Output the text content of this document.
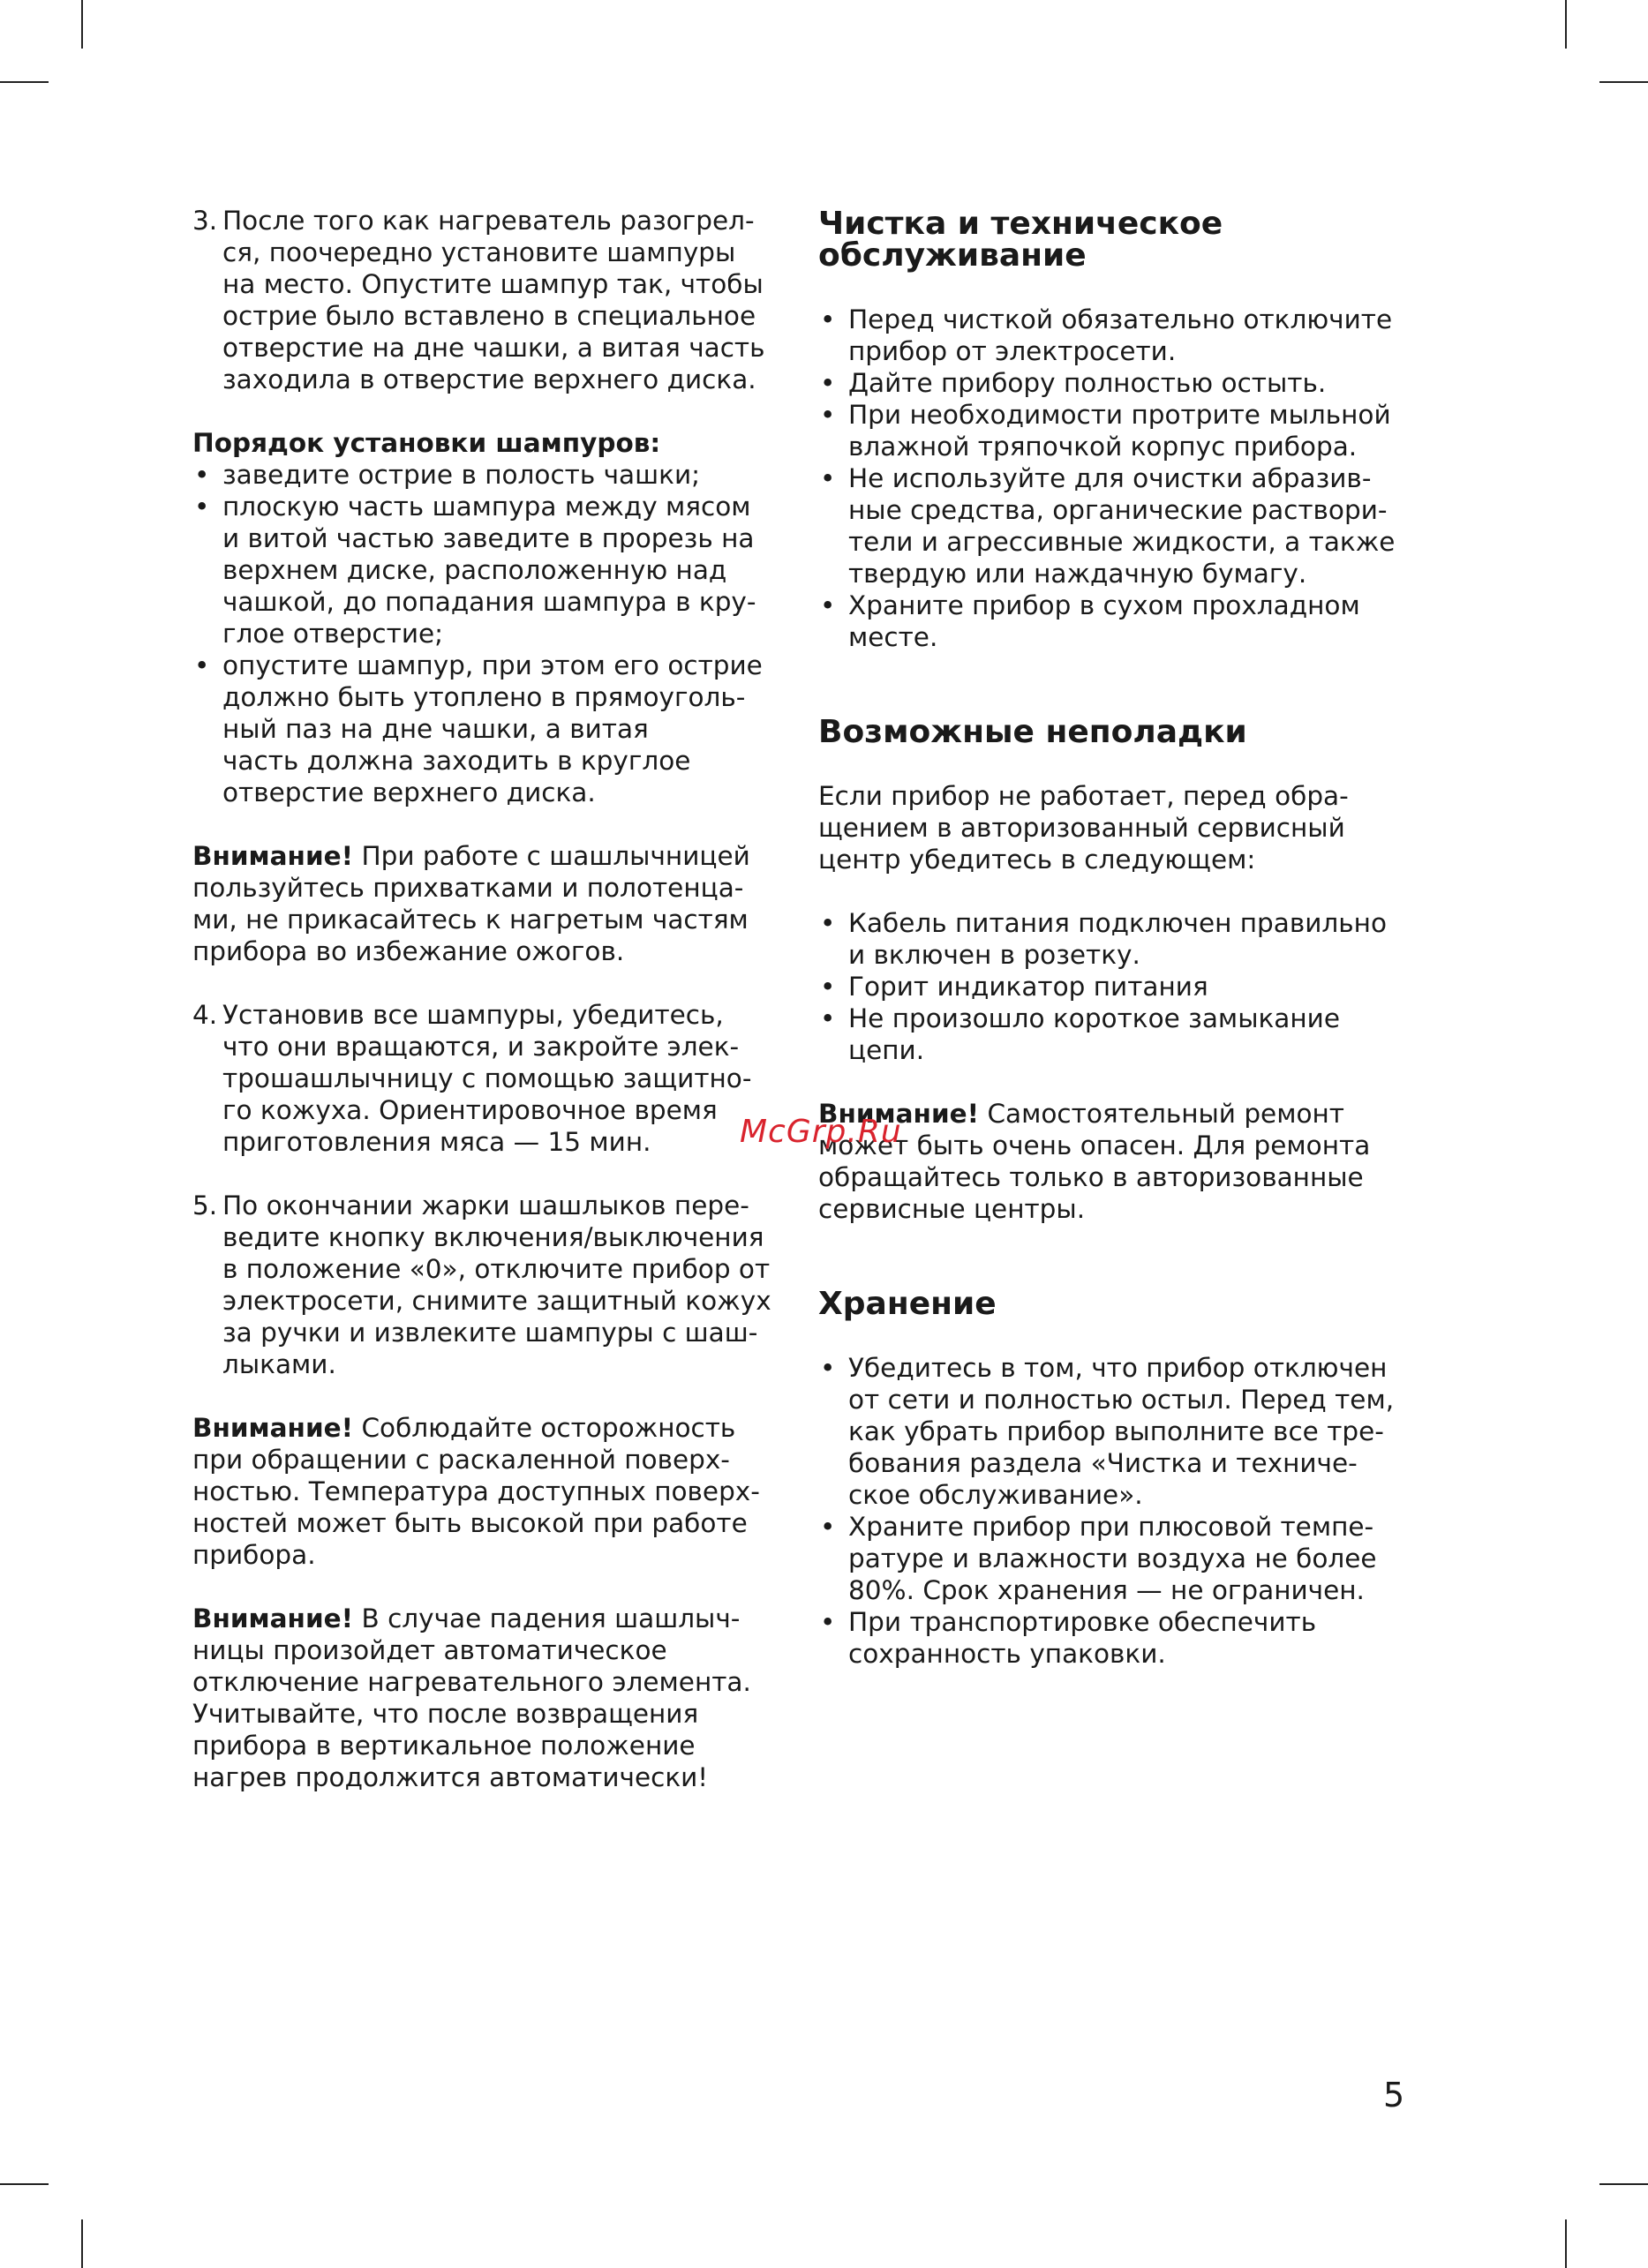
3. После того как нагреватель разогрел-
ся, поочередно установите шампуры
на место. Опустите шампур так, чтобы
острие было вставлено в специальное
отверстие на дне чашки, а витая часть
заходила в отверстие верхнего диска.

Порядок установки шампуров:

• заведите острие в полость чашки;
• плоскую часть шампура между мясом
и витой частью заведите в прорезь на
верхнем диске, расположенную над
чашкой, до попадания шампура в кру-
глое отверстие;
• опустите шампур, при этом его острие
должно быть утоплено в прямоуголь-
ный паз на дне чашки, а витая
часть должна заходить в круглое
отверстие верхнего диска.

Внимание! При работе с шашлычницей
пользуйтесь прихватками и полотенца-
ми, не прикасайтесь к нагретым частям
прибора во избежание ожогов.

4. Установив все шампуры, убедитесь,
что они вращаются, и закройте элек-
трошашлычницу с помощью защитно-
го кожуха. Ориентировочное время
приготовления мяса — 15 мин.

5. По окончании жарки шашлыков пере-
ведите кнопку включения/выключения
в положение «0», отключите прибор от
электросети, снимите защитный кожух
за ручки и извлеките шампуры с шаш-
лыками.

Внимание! Соблюдайте осторожность
при обращении с раскаленной поверх-
ностью. Температура доступных поверх-
ностей может быть высокой при работе
прибора.

Внимание! В случае падения шашлыч-
ницы произойдет автоматическое
отключение нагревательного элемента.
Учитывайте, что после возвращения
прибора в вертикальное положение
нагрев продолжится автоматически!

Чистка и техническое
обслуживание
• Перед чисткой обязательно отключите
прибор от электросети.
• Дайте прибору полностью остыть.
• При необходимости протрите мыльной
влажной тряпочкой корпус прибора.
• Не используйте для очистки абразив-
ные средства, органические раствори-
тели и агрессивные жидкости, а также
твердую или наждачную бумагу.
• Храните прибор в сухом прохладном
месте.
Возможные неполадки

Если прибор не работает, перед обра-
щением в авторизованный сервисный
центр убедитесь в следующем:

• Кабель питания подключен правильно
и включен в розетку.
• Горит индикатор питания
• Не произошло короткое замыкание
цепи.

Внимание! Самостоятельный ремонт
может быть очень опасен. Для ремонта
обращайтесь только в авторизованные
сервисные центры.

Хранение
• Убедитесь в том, что прибор отключен
от сети и полностью остыл. Перед тем,
как убрать прибор выполните все тре-
бования раздела «Чистка и техниче-
ское обслуживание».
• Храните прибор при плюсовой темпе-
ратуре и влажности воздуха не более
80%. Срок хранения — не ограничен.
• При транспортировке обеспечить
сохранность упаковки.
McGrp.Ru
5
